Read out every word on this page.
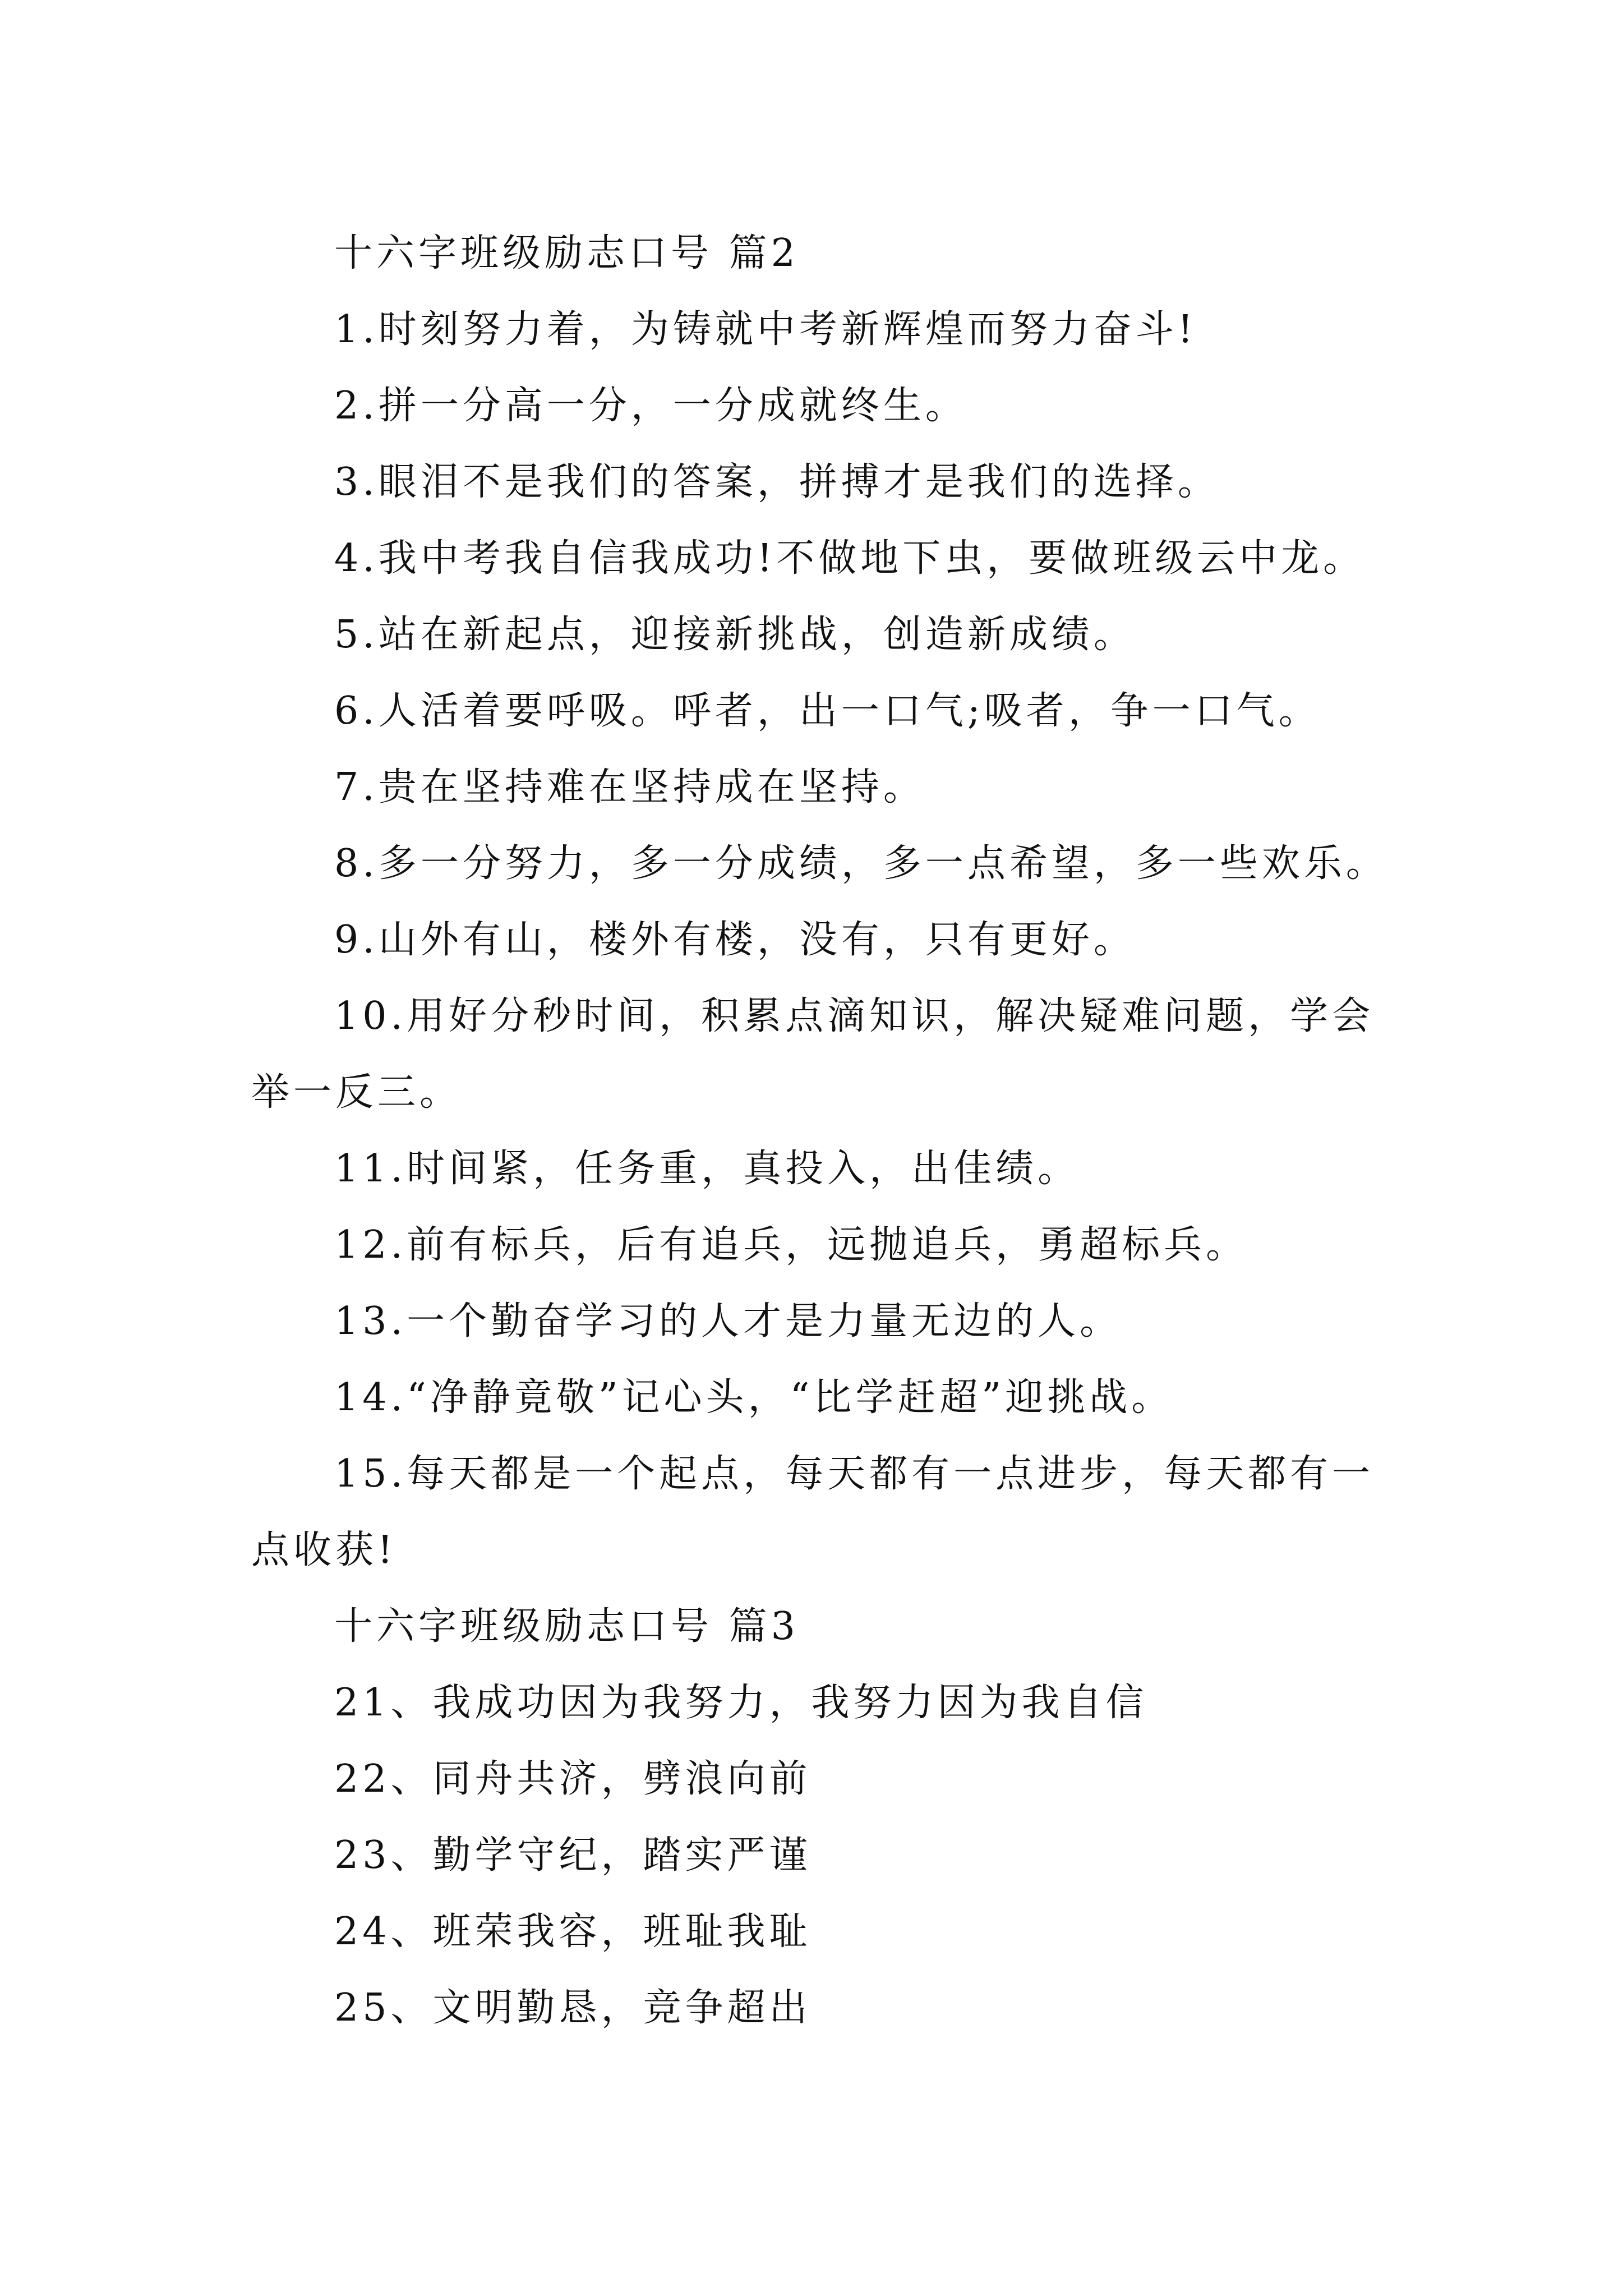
十六字班级励志口号 篇2

1.时刻努力着，为铸就中考新辉煌而努力奋斗!

2.拼一分高一分，一分成就终生。

3.眼泪不是我们的答案，拼搏才是我们的选择。

4.我中考我自信我成功!不做地下虫，要做班级云中龙。

5.站在新起点，迎接新挑战，创造新成绩。

6.人活着要呼吸。呼者，出一口气;吸者，争一口气。

7.贵在坚持难在坚持成在坚持。

8.多一分努力，多一分成绩，多一点希望，多一些欢乐。

9.山外有山，楼外有楼，没有，只有更好。

10.用好分秒时间，积累点滴知识，解决疑难问题，学会举一反三。

11.时间紧，任务重，真投入，出佳绩。

12.前有标兵，后有追兵，远抛追兵，勇超标兵。

13.一个勤奋学习的人才是力量无边的人。

14.“净静竟敬”记心头，“比学赶超”迎挑战。

15.每天都是一个起点，每天都有一点进步，每天都有一点收获!

十六字班级励志口号 篇3

21、我成功因为我努力，我努力因为我自信

22、同舟共济，劈浪向前

23、勤学守纪，踏实严谨

24、班荣我容，班耻我耻

25、文明勤恳，竞争超出
